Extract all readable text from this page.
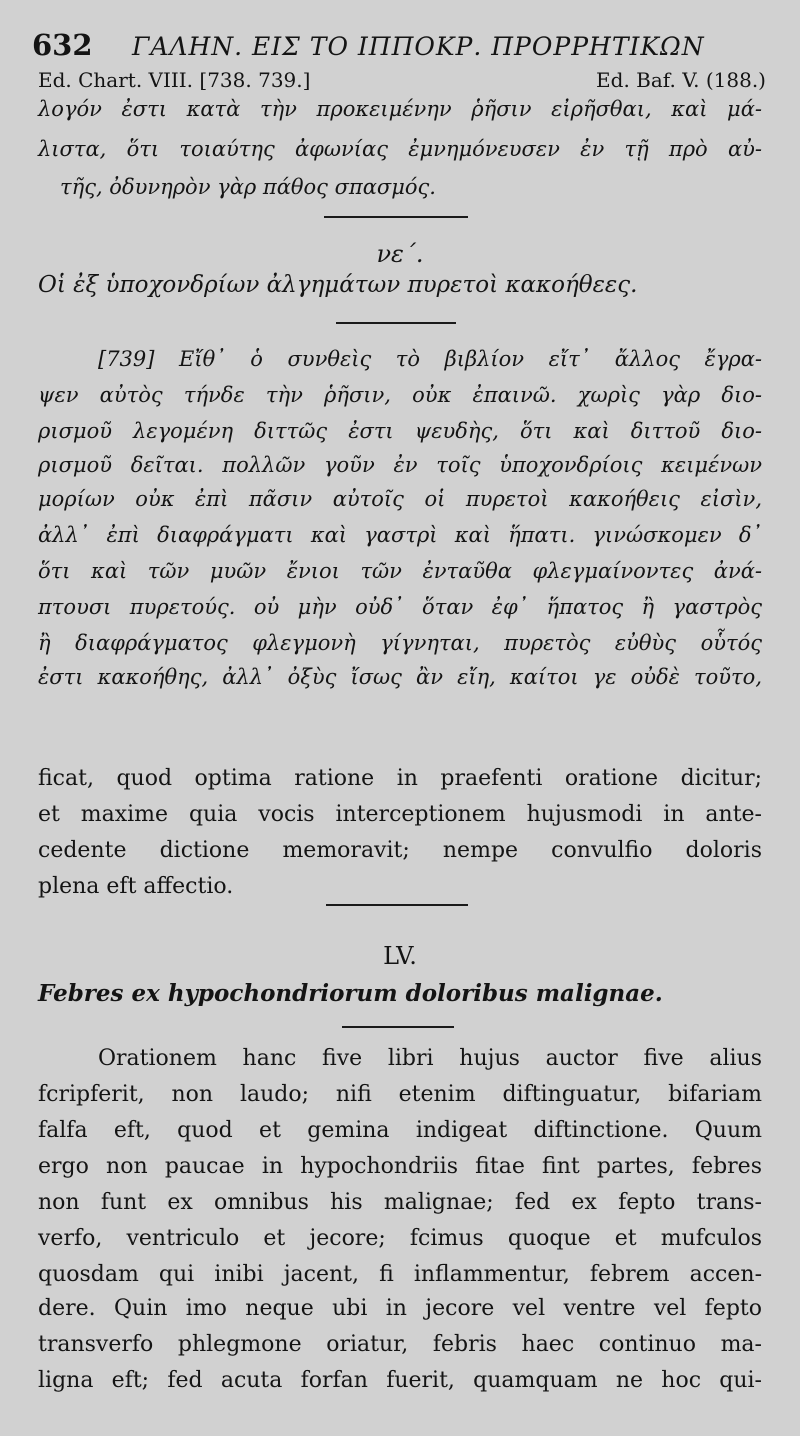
632 ΓΑΛΗΝ. ΕΙΣ ΤΟ ΙΠΠΟΚΡ. ΠΡΟΡΡΗΤΙΚΩΝ
Ed. Chart. VIII. [738. 739.]	Ed. Baf. V. (188.)
λογόν ἐστι κατὰ τὴν προκειμένην ῥῆσιν εἰρῆσθαι, καὶ μά-
λιστα, ὅτι τοιαύτης ἀφωνίας ἐμνημόνευσεν ἐν τῇ πρὸ αὐ-
τῆς, ὀδυνηρὸν γὰρ πάθος σπασμός.
νε΄.
Οἱ ἐξ ὑποχονδρίων ἀλγημάτων πυρετοὶ κακοήθεες.
[739] Εἴθ᾽ ὁ συνθεὶς τὸ βιβλίον εἴτ᾽ ἄλλος ἔγρα-
ψεν αὐτὸς τήνδε τὴν ῥῆσιν, οὐκ ἐπαινῶ. χωρὶς γὰρ διο-
ρισμοῦ λεγομένη διττῶς ἐστι ψευδὴς, ὅτι καὶ διττοῦ διο-
ρισμοῦ δεῖται. πολλῶν γοῦν ἐν τοῖς ὑποχονδρίοις κειμένων
μορίων οὐκ ἐπὶ πᾶσιν αὐτοῖς οἱ πυρετοὶ κακοήθεις εἰσὶν,
ἀλλ᾽ ἐπὶ διαφράγματι καὶ γαστρὶ καὶ ἥπατι. γινώσκομεν δ᾽
ὅτι καὶ τῶν μυῶν ἔνιοι τῶν ἐνταῦθα φλεγμαίνοντες ἀνά-
πτουσι πυρετούς. οὐ μὴν οὐδ᾽ ὅταν ἐφ᾽ ἥπατος ἢ γαστρὸς
ἢ διαφράγματος φλεγμονὴ γίγνηται, πυρετὸς εὐθὺς οὗτός
ἐστι κακοήθης, ἀλλ᾽ ὀξὺς ἴσως ἂν εἴη, καίτοι γε οὐδὲ τοῦτο,
ficat, quod optima ratione in praefenti oratione dicitur;
et maxime quia vocis interceptionem hujusmodi in ante-
cedente dictione memoravit; nempe convulfio doloris
plena eft affectio.
LV.
Febres ex hypochondriorum doloribus malignae.
Orationem hanc five libri hujus auctor five alius
fcripferit, non laudo; nifi etenim diftinguatur, bifariam
falfa eft, quod et gemina indigeat diftinctione. Quum
ergo non paucae in hypochondriis fitae fint partes, febres
non funt ex omnibus his malignae; fed ex fepto trans-
verfo, ventriculo et jecore; fcimus quoque et mufculos
quosdam qui inibi jacent, fi inflammentur, febrem accen-
dere. Quin imo neque ubi in jecore vel ventre vel fepto
transverfo phlegmone oriatur, febris haec continuo ma-
ligna eft; fed acuta forfan fuerit, quamquam ne hoc qui-
